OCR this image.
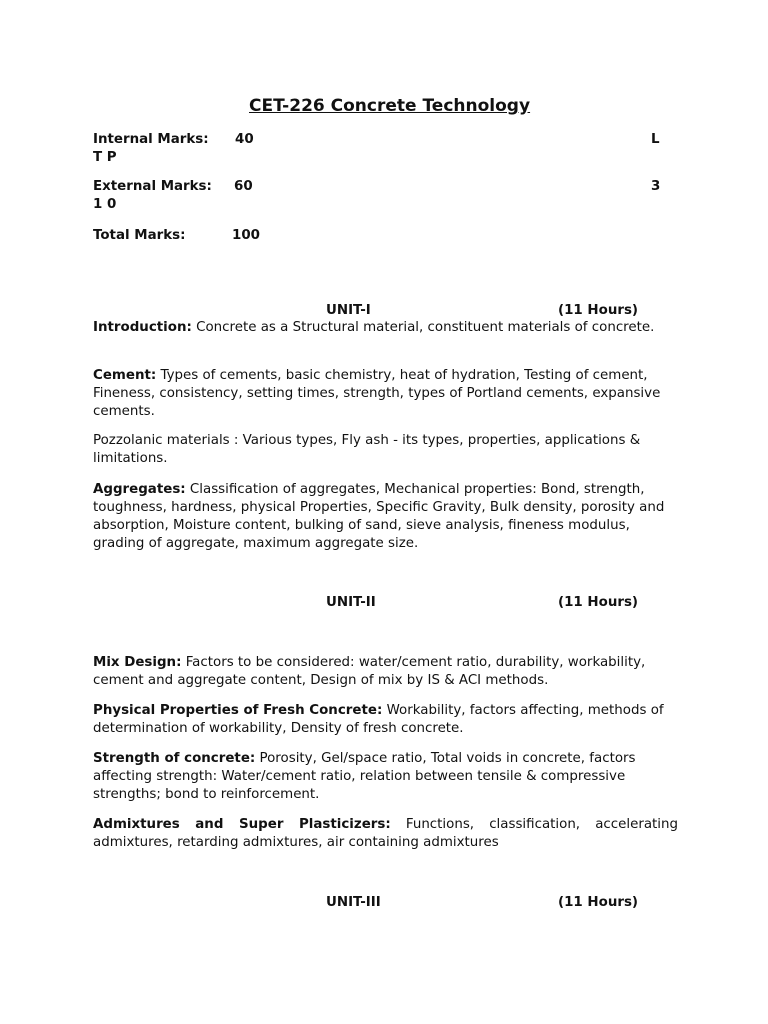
CET-226 Concrete Technology
Internal Marks: 40	L
T P
External Marks: 60	3
1 0
Total Marks:	100
UNIT-I	(11 Hours)
Introduction: Concrete as a Structural material, constituent materials of concrete.
Cement: Types of cements, basic chemistry, heat of hydration, Testing of cement, Fineness, consistency, setting times, strength, types of Portland cements, expansive cements.
Pozzolanic materials : Various types, Fly ash - its types, properties, applications & limitations.
Aggregates: Classification of aggregates, Mechanical properties: Bond, strength, toughness, hardness, physical Properties, Specific Gravity, Bulk density, porosity and absorption, Moisture content, bulking of sand, sieve analysis, fineness modulus, grading of aggregate, maximum aggregate size.
UNIT-II	(11 Hours)
Mix Design: Factors to be considered: water/cement ratio, durability, workability, cement and aggregate content, Design of mix by IS & ACI methods.
Physical Properties of Fresh Concrete: Workability, factors affecting, methods of determination of workability, Density of fresh concrete.
Strength of concrete: Porosity, Gel/space ratio, Total voids in concrete, factors affecting strength: Water/cement ratio, relation between tensile & compressive strengths; bond to reinforcement.
Admixtures and Super Plasticizers: Functions, classification, accelerating admixtures, retarding admixtures, air containing admixtures
UNIT-III	(11 Hours)
